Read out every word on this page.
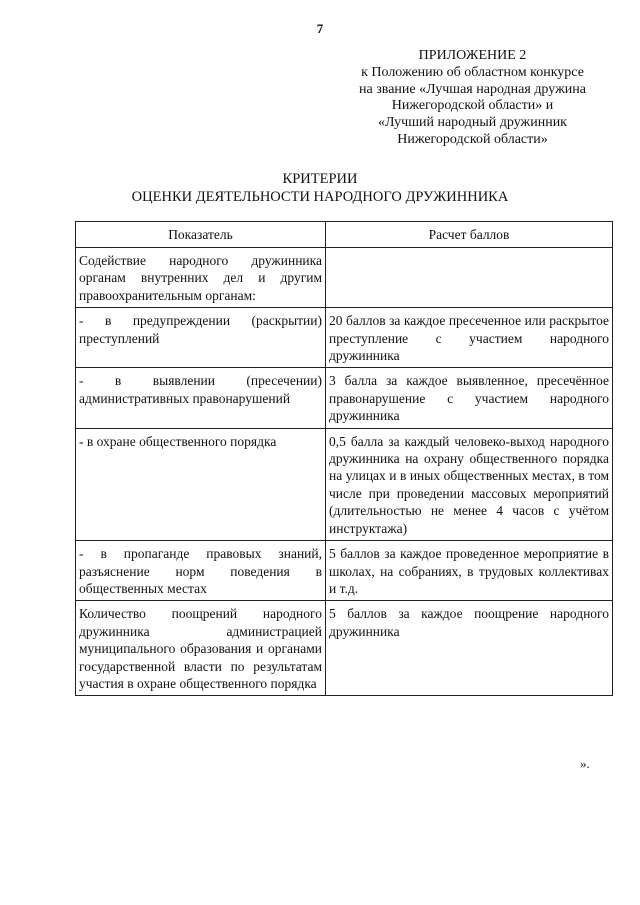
7
ПРИЛОЖЕНИЕ 2
к Положению об областном конкурсе
на звание «Лучшая народная дружина
Нижегородской области» и
«Лучший народный дружинник
Нижегородской области»
КРИТЕРИИ
ОЦЕНКИ ДЕЯТЕЛЬНОСТИ НАРОДНОГО ДРУЖИННИКА
Показатель	Расчет баллов
Содействие народного дружинника органам внутренних дел и другим правоохранительным органам:	
- в предупреждении (раскрытии) преступлений	20 баллов за каждое пресеченное или раскрытое преступление с участием народного дружинника
- в выявлении (пресечении) административных правонарушений	3 балла за каждое выявленное, пресечённое правонарушение с участием народного дружинника
- в охране общественного порядка	0,5 балла за каждый человеко-выход народного дружинника на охрану общественного порядка на улицах и в иных общественных местах, в том числе при проведении массовых мероприятий (длительностью не менее 4 часов с учётом инструктажа)
- в пропаганде правовых знаний, разъяснение норм поведения в общественных местах	5 баллов за каждое проведенное мероприятие в школах, на собраниях, в трудовых коллективах и т.д.
Количество поощрений народного дружинника администрацией муниципального образования и органами государственной власти по результатам участия в охране общественного порядка	5 баллов за каждое поощрение народного дружинника
».
